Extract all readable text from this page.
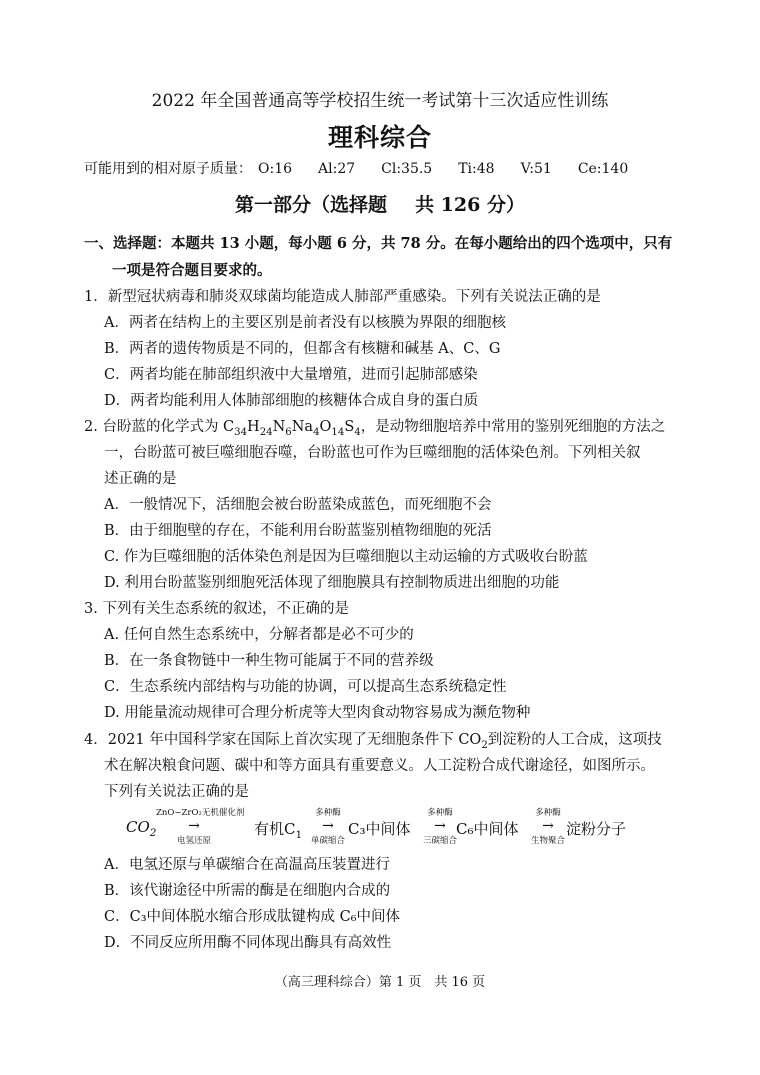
2022 年全国普通高等学校招生统一考试第十三次适应性训练
理科综合
可能用到的相对原子质量： O:16 Al:27 Cl:35.5 Ti:48 V:51 Ce:140
第一部分（选择题 共 126 分）
一、选择题：本题共 13 小题，每小题 6 分，共 78 分。在每小题给出的四个选项中，只有
一项是符合题目要求的。
1．新型冠状病毒和肺炎双球菌均能造成人肺部严重感染。下列有关说法正确的是
A．两者在结构上的主要区别是前者没有以核膜为界限的细胞核
B．两者的遗传物质是不同的，但都含有核糖和碱基 A、C、G
C．两者均能在肺部组织液中大量增殖，进而引起肺部感染
D．两者均能利用人体肺部细胞的核糖体合成自身的蛋白质
2. 台盼蓝的化学式为 $C_{34}H_{24}N_6Na_4O_{14}S_4$，是动物细胞培养中常用的鉴别死细胞的方法之
一，台盼蓝可被巨噬细胞吞噬，台盼蓝也可作为巨噬细胞的活体染色剂。下列相关叙
述正确的是
A．一般情况下，活细胞会被台盼蓝染成蓝色，而死细胞不会
B．由于细胞壁的存在，不能利用台盼蓝鉴别植物细胞的死活
C. 作为巨噬细胞的活体染色剂是因为巨噬细胞以主动运输的方式吸收台盼蓝
D. 利用台盼蓝鉴别细胞死活体现了细胞膜具有控制物质进出细胞的功能
3. 下列有关生态系统的叙述，不正确的是
A. 任何自然生态系统中，分解者都是必不可少的
B．在一条食物链中一种生物可能属于不同的营养级
C．生态系统内部结构与功能的协调，可以提高生态系统稳定性
D. 用能量流动规律可合理分析虎等大型肉食动物容易成为濒危物种
4．2021 年中国科学家在国际上首次实现了无细胞条件下 $CO_2$到淀粉的人工合成，这项技
术在解决粮食问题、碳中和等方面具有重要意义。人工淀粉合成代谢途径，如图所示。
下列有关说法正确的是
$CO_2$
ZnO−ZrO₂无机催化剂
→
电氢还原
有机$C_1$
多种酶
→
单碳缩合
C₃中间体
多种酶
→
三碳缩合
C₆中间体
多种酶
→
生物聚合
淀粉分子
A．电氢还原与单碳缩合在高温高压装置进行
B．该代谢途径中所需的酶是在细胞内合成的
C．C₃中间体脱水缩合形成肽键构成 C₆中间体
D．不同反应所用酶不同体现出酶具有高效性
（高三理科综合）第 1 页　共 16 页
